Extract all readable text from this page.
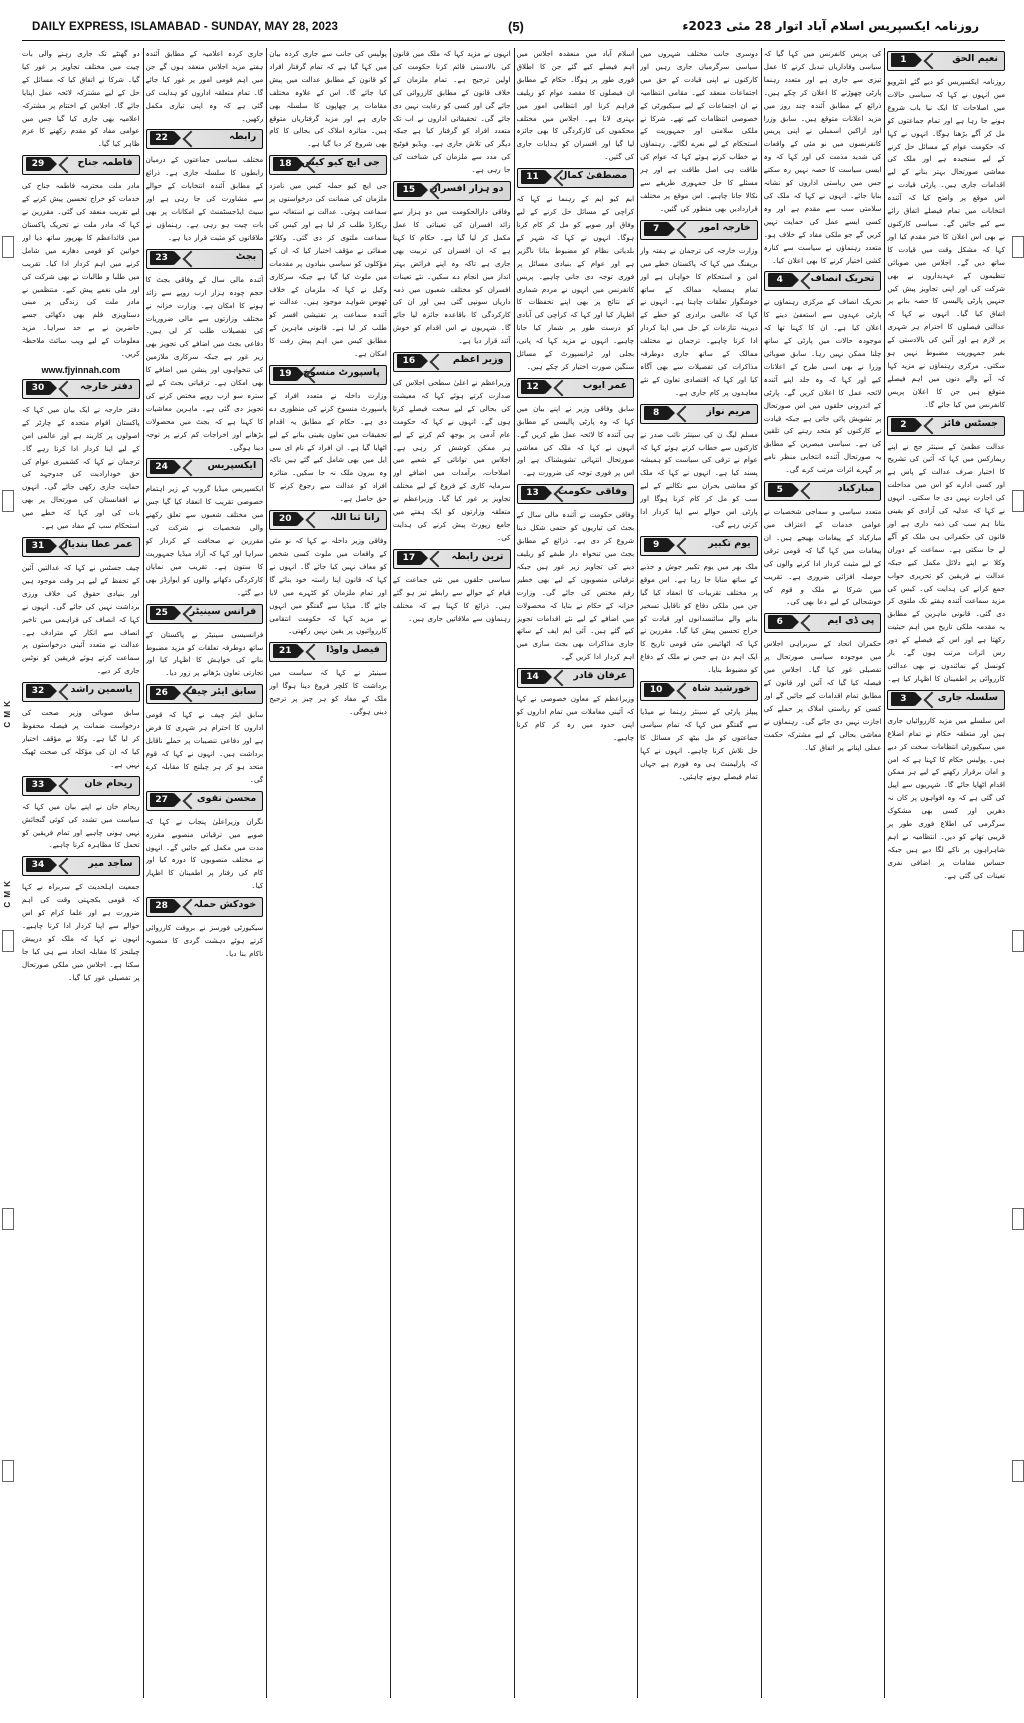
DAILY EXPRESS, ISLAMABAD - SUNDAY, MAY 28, 2023	(5)	روزنامہ ایکسپریس اسلام آباد اتوار 28 مئی 2023ء
نعیم الحق
1

روزنامہ ایکسپریس کو دیے گئے انٹرویو میں انہوں نے کہا کہ سیاسی حالات میں اصلاحات کا ایک نیا باب شروع ہونے جا رہا ہے اور تمام جماعتوں کو مل کر آگے بڑھنا ہوگا۔ انہوں نے کہا کہ حکومت عوام کے مسائل حل کرنے کے لیے سنجیدہ ہے اور ملک کی معاشی صورتحال بہتر بنانے کے لیے اقدامات جاری ہیں۔ پارٹی قیادت نے اس موقع پر واضح کیا کہ آئندہ انتخابات میں تمام فیصلے اتفاق رائے سے کیے جائیں گے۔ سیاسی کارکنوں نے بھی اس اعلان کا خیر مقدم کیا اور کہا کہ مشکل وقت میں قیادت کا ساتھ دیں گے۔ اجلاس میں صوبائی تنظیموں کے عہدیداروں نے بھی شرکت کی اور اپنی تجاویز پیش کیں جنہیں پارٹی پالیسی کا حصہ بنانے پر اتفاق کیا گیا۔ انہوں نے کہا کہ عدالتی فیصلوں کا احترام ہر شہری پر لازم ہے اور آئین کی بالادستی کے بغیر جمہوریت مضبوط نہیں ہو سکتی۔ مرکزی رہنماؤں نے مزید کہا کہ آنے والے دنوں میں اہم فیصلے متوقع ہیں جن کا اعلان پریس کانفرنس میں کیا جائے گا۔

جسٹس فائز
2

عدالت عظمیٰ کے سینئر جج نے اپنے ریمارکس میں کہا کہ آئین کی تشریح کا اختیار صرف عدالت کے پاس ہے اور کسی ادارے کو اس میں مداخلت کی اجازت نہیں دی جا سکتی۔ انہوں نے کہا کہ عدلیہ کی آزادی کو یقینی بنانا ہم سب کی ذمہ داری ہے اور قانون کی حکمرانی ہی ملک کو آگے لے جا سکتی ہے۔ سماعت کے دوران وکلا نے اپنے دلائل مکمل کیے جبکہ عدالت نے فریقین کو تحریری جواب جمع کرانے کی ہدایت کی۔ کیس کی مزید سماعت آئندہ ہفتے تک ملتوی کر دی گئی۔ قانونی ماہرین کے مطابق یہ مقدمہ ملکی تاریخ میں اہم حیثیت رکھتا ہے اور اس کے فیصلے کے دور رس اثرات مرتب ہوں گے۔ بار کونسل کے نمائندوں نے بھی عدالتی کارروائی پر اطمینان کا اظہار کیا ہے۔

سلسلہ جاری
3

اس سلسلے میں مزید کارروائیاں جاری ہیں اور متعلقہ حکام نے تمام اضلاع میں سیکیورٹی انتظامات سخت کر دیے ہیں۔ پولیس حکام کا کہنا ہے کہ امن و امان برقرار رکھنے کے لیے ہر ممکن اقدام اٹھایا جائے گا۔ شہریوں سے اپیل کی گئی ہے کہ وہ افواہوں پر کان نہ دھریں اور کسی بھی مشکوک سرگرمی کی اطلاع فوری طور پر قریبی تھانے کو دیں۔ انتظامیہ نے اہم شاہراہوں پر ناکے لگا دیے ہیں جبکہ حساس مقامات پر اضافی نفری تعینات کی گئی ہے۔

کی پریس کانفرنس میں کہا گیا کہ سیاسی وفاداریاں تبدیل کرنے کا عمل تیزی سے جاری ہے اور متعدد رہنما پارٹی چھوڑنے کا اعلان کر چکے ہیں۔ ذرائع کے مطابق آئندہ چند روز میں مزید اعلانات متوقع ہیں۔ سابق وزرا اور اراکین اسمبلی نے اپنی پریس کانفرنسوں میں نو مئی کے واقعات کی شدید مذمت کی اور کہا کہ وہ ایسی سیاست کا حصہ نہیں رہ سکتے جس میں ریاستی اداروں کو نشانہ بنایا جائے۔ انہوں نے کہا کہ ملک کی سلامتی سب سے مقدم ہے اور وہ کسی ایسے عمل کی حمایت نہیں کریں گے جو ملکی مفاد کے خلاف ہو۔ متعدد رہنماؤں نے سیاست سے کنارہ کشی اختیار کرنے کا بھی اعلان کیا۔

تحریک انصاف
4

تحریک انصاف کے مرکزی رہنماؤں نے پارٹی عہدوں سے استعفیٰ دینے کا اعلان کیا ہے۔ ان کا کہنا تھا کہ موجودہ حالات میں پارٹی کے ساتھ چلنا ممکن نہیں رہا۔ سابق صوبائی وزرا نے بھی اسی طرح کے اعلانات کیے اور کہا کہ وہ جلد اپنے آئندہ لائحہ عمل کا اعلان کریں گے۔ پارٹی کے اندرونی حلقوں میں اس صورتحال پر تشویش پائی جاتی ہے جبکہ قیادت نے کارکنوں کو متحد رہنے کی تلقین کی ہے۔ سیاسی مبصرین کے مطابق یہ صورتحال آئندہ انتخابی منظر نامے پر گہرے اثرات مرتب کرے گی۔

مبارکباد
5

متعدد سیاسی و سماجی شخصیات نے عوامی خدمات کے اعتراف میں مبارکباد کے پیغامات بھیجے ہیں۔ ان پیغامات میں کہا گیا کہ قومی ترقی کے لیے مثبت کردار ادا کرنے والوں کی حوصلہ افزائی ضروری ہے۔ تقریب میں شرکا نے ملک و قوم کی خوشحالی کے لیے دعا بھی کی۔

پی ڈی ایم
6

حکمران اتحاد کے سربراہی اجلاس میں موجودہ سیاسی صورتحال پر تفصیلی غور کیا گیا۔ اجلاس میں فیصلہ کیا گیا کہ آئین اور قانون کے مطابق تمام اقدامات کیے جائیں گے اور کسی کو ریاستی املاک پر حملے کی اجازت نہیں دی جائے گی۔ رہنماؤں نے معاشی بحالی کے لیے مشترکہ حکمت عملی اپنانے پر اتفاق کیا۔

دوسری جانب مختلف شہروں میں سیاسی سرگرمیاں جاری رہیں اور کارکنوں نے اپنی قیادت کے حق میں اجتماعات منعقد کیے۔ مقامی انتظامیہ نے ان اجتماعات کے لیے سیکیورٹی کے خصوصی انتظامات کیے تھے۔ شرکا نے ملکی سلامتی اور جمہوریت کے استحکام کے لیے نعرے لگائے۔ رہنماؤں نے خطاب کرتے ہوئے کہا کہ عوام کی طاقت ہی اصل طاقت ہے اور ہر مسئلے کا حل جمہوری طریقے سے نکالا جانا چاہیے۔ اس موقع پر مختلف قراردادیں بھی منظور کی گئیں۔

خارجہ امور
7

وزارت خارجہ کی ترجمان نے ہفتہ وار بریفنگ میں کہا کہ پاکستان خطے میں امن و استحکام کا خواہاں ہے اور تمام ہمسایہ ممالک کے ساتھ خوشگوار تعلقات چاہتا ہے۔ انہوں نے کہا کہ عالمی برادری کو خطے کے دیرینہ تنازعات کے حل میں اپنا کردار ادا کرنا چاہیے۔ ترجمان نے مختلف ممالک کے ساتھ جاری دوطرفہ مذاکرات کی تفصیلات سے بھی آگاہ کیا اور کہا کہ اقتصادی تعاون کے نئے معاہدوں پر کام جاری ہے۔

مریم نواز
8

مسلم لیگ ن کی سینئر نائب صدر نے کارکنوں سے خطاب کرتے ہوئے کہا کہ عوام نے ترقی کی سیاست کو ہمیشہ پسند کیا ہے۔ انہوں نے کہا کہ ملک کو معاشی بحران سے نکالنے کے لیے سب کو مل کر کام کرنا ہوگا اور پارٹی اس حوالے سے اپنا کردار ادا کرتی رہے گی۔

یوم تکبیر
9

ملک بھر میں یوم تکبیر جوش و جذبے کے ساتھ منایا جا رہا ہے۔ اس موقع پر مختلف تقریبات کا انعقاد کیا گیا جن میں ملکی دفاع کو ناقابل تسخیر بنانے والے سائنسدانوں اور قیادت کو خراج تحسین پیش کیا گیا۔ مقررین نے کہا کہ اٹھائیس مئی قومی تاریخ کا ایک اہم دن ہے جس نے ملک کے دفاع کو مضبوط بنایا۔

خورشید شاہ
10

پیپلز پارٹی کے سینئر رہنما نے میڈیا سے گفتگو میں کہا کہ تمام سیاسی جماعتوں کو مل بیٹھ کر مسائل کا حل تلاش کرنا چاہیے۔ انہوں نے کہا کہ پارلیمنٹ ہی وہ فورم ہے جہاں تمام فیصلے ہونے چاہئیں۔

اسلام آباد میں منعقدہ اجلاس میں اہم فیصلے کیے گئے جن کا اطلاق فوری طور پر ہوگا۔ حکام کے مطابق ان فیصلوں کا مقصد عوام کو ریلیف فراہم کرنا اور انتظامی امور میں بہتری لانا ہے۔ اجلاس میں مختلف محکموں کی کارکردگی کا بھی جائزہ لیا گیا اور افسران کو ہدایات جاری کی گئیں۔

مصطفیٰ کمال
11

ایم کیو ایم کے رہنما نے کہا کہ کراچی کے مسائل حل کرنے کے لیے وفاق اور صوبے کو مل کر کام کرنا ہوگا۔ انہوں نے کہا کہ شہر کے بلدیاتی نظام کو مضبوط بنانا ناگزیر ہے اور عوام کے بنیادی مسائل پر فوری توجہ دی جانی چاہیے۔ پریس کانفرنس میں انہوں نے مردم شماری کے نتائج پر بھی اپنے تحفظات کا اظہار کیا اور کہا کہ کراچی کی آبادی کو درست طور پر شمار کیا جانا چاہیے۔ انہوں نے مزید کہا کہ پانی، بجلی اور ٹرانسپورٹ کے مسائل سنگین صورت اختیار کر چکے ہیں۔

عمر ایوب
12

سابق وفاقی وزیر نے اپنے بیان میں کہا کہ وہ پارٹی پالیسی کے مطابق ہی آئندہ کا لائحہ عمل طے کریں گے۔ انہوں نے کہا کہ ملک کی معاشی صورتحال انتہائی تشویشناک ہے اور اس پر فوری توجہ کی ضرورت ہے۔

وفاقی حکومت
13

وفاقی حکومت نے آئندہ مالی سال کے بجٹ کی تیاریوں کو حتمی شکل دینا شروع کر دی ہے۔ ذرائع کے مطابق بجٹ میں تنخواہ دار طبقے کو ریلیف دینے کی تجاویز زیر غور ہیں جبکہ ترقیاتی منصوبوں کے لیے بھی خطیر رقم مختص کی جائے گی۔ وزارت خزانہ کے حکام نے بتایا کہ محصولات میں اضافے کے لیے نئے اقدامات تجویز کیے گئے ہیں۔ آئی ایم ایف کے ساتھ جاری مذاکرات بھی بجٹ سازی میں اہم کردار ادا کریں گے۔

عرفان قادر
14

وزیراعظم کے معاون خصوصی نے کہا کہ آئینی معاملات میں تمام اداروں کو اپنی حدود میں رہ کر کام کرنا چاہیے۔

انہوں نے مزید کہا کہ ملک میں قانون کی بالادستی قائم کرنا حکومت کی اولین ترجیح ہے۔ تمام ملزمان کے خلاف قانون کے مطابق کارروائی کی جائے گی اور کسی کو رعایت نہیں دی جائے گی۔ تحقیقاتی اداروں نے اب تک متعدد افراد کو گرفتار کیا ہے جبکہ دیگر کی تلاش جاری ہے۔ ویڈیو فوٹیج کی مدد سے ملزمان کی شناخت کی جا رہی ہے۔

دو ہزار افسران
15

وفاقی دارالحکومت میں دو ہزار سے زائد افسران کی تعیناتی کا عمل مکمل کر لیا گیا ہے۔ حکام کا کہنا ہے کہ ان افسران کی تربیت بھی جاری ہے تاکہ وہ اپنے فرائض بہتر انداز میں انجام دے سکیں۔ نئے تعینات افسران کو مختلف شعبوں میں ذمہ داریاں سونپی گئی ہیں اور ان کی کارکردگی کا باقاعدہ جائزہ لیا جائے گا۔ شہریوں نے اس اقدام کو خوش آئند قرار دیا ہے۔

وزیر اعظم
16

وزیراعظم نے اعلیٰ سطحی اجلاس کی صدارت کرتے ہوئے کہا کہ معیشت کی بحالی کے لیے سخت فیصلے کرنا ہوں گے۔ انہوں نے کہا کہ حکومت عام آدمی پر بوجھ کم کرنے کے لیے ہر ممکن کوشش کر رہی ہے۔ اجلاس میں توانائی کے شعبے میں اصلاحات، برآمدات میں اضافے اور سرمایہ کاری کے فروغ کے لیے مختلف تجاویز پر غور کیا گیا۔ وزیراعظم نے متعلقہ وزارتوں کو ایک ہفتے میں جامع رپورٹ پیش کرنے کی ہدایت کی۔

ترین رابطہ
17

سیاسی حلقوں میں نئی جماعت کے قیام کے حوالے سے رابطے تیز ہو گئے ہیں۔ ذرائع کا کہنا ہے کہ مختلف رہنماؤں سے ملاقاتیں جاری ہیں۔

پولیس کی جانب سے جاری کردہ بیان میں کہا گیا ہے کہ تمام گرفتار افراد کو قانون کے مطابق عدالت میں پیش کیا جائے گا۔ اس کے علاوہ مختلف مقامات پر چھاپوں کا سلسلہ بھی جاری ہے اور مزید گرفتاریاں متوقع ہیں۔ متاثرہ املاک کی بحالی کا کام بھی شروع کر دیا گیا ہے۔

جی ایچ کیو کیس
18

جی ایچ کیو حملہ کیس میں نامزد ملزمان کی ضمانت کی درخواستوں پر سماعت ہوئی۔ عدالت نے استغاثہ سے ریکارڈ طلب کر لیا ہے اور کیس کی سماعت ملتوی کر دی گئی۔ وکلائے صفائی نے مؤقف اختیار کیا کہ ان کے مؤکلوں کو سیاسی بنیادوں پر مقدمات میں ملوث کیا گیا ہے جبکہ سرکاری وکیل نے کہا کہ ملزمان کے خلاف ٹھوس شواہد موجود ہیں۔ عدالت نے آئندہ سماعت پر تفتیشی افسر کو طلب کر لیا ہے۔ قانونی ماہرین کے مطابق کیس میں اہم پیش رفت کا امکان ہے۔

پاسپورٹ منسوخ
19

وزارت داخلہ نے متعدد افراد کے پاسپورٹ منسوخ کرنے کی منظوری دے دی ہے۔ حکام کے مطابق یہ اقدام تحقیقات میں تعاون یقینی بنانے کے لیے اٹھایا گیا ہے۔ ان افراد کے نام ای سی ایل میں بھی شامل کیے گئے ہیں تاکہ وہ بیرون ملک نہ جا سکیں۔ متاثرہ افراد کو عدالت سے رجوع کرنے کا حق حاصل ہے۔

رانا ثنا اللہ
20

وفاقی وزیر داخلہ نے کہا کہ نو مئی کے واقعات میں ملوث کسی شخص کو معاف نہیں کیا جائے گا۔ انہوں نے کہا کہ قانون اپنا راستہ خود بنائے گا اور تمام ملزمان کو کٹہرے میں لایا جائے گا۔ میڈیا سے گفتگو میں انہوں نے مزید کہا کہ حکومت انتقامی کارروائیوں پر یقین نہیں رکھتی۔

فیصل واوڈا
21

سینیٹر نے کہا کہ سیاست میں برداشت کا کلچر فروغ دینا ہوگا اور ملک کے مفاد کو ہر چیز پر ترجیح دینی ہوگی۔

جاری کردہ اعلامیہ کے مطابق آئندہ ہفتے مزید اجلاس منعقد ہوں گے جن میں اہم قومی امور پر غور کیا جائے گا۔ تمام متعلقہ اداروں کو ہدایت کی گئی ہے کہ وہ اپنی تیاری مکمل رکھیں۔

رابطہ
22

مختلف سیاسی جماعتوں کے درمیان رابطوں کا سلسلہ جاری ہے۔ ذرائع کے مطابق آئندہ انتخابات کے حوالے سے مشاورت کی جا رہی ہے اور سیٹ ایڈجسٹمنٹ کے امکانات پر بھی بات چیت ہو رہی ہے۔ رہنماؤں نے ملاقاتوں کو مثبت قرار دیا ہے۔

بجٹ
23

آئندہ مالی سال کے وفاقی بجٹ کا حجم چودہ ہزار ارب روپے سے زائد ہونے کا امکان ہے۔ وزارت خزانہ نے مختلف وزارتوں سے مالی ضروریات کی تفصیلات طلب کر لی ہیں۔ دفاعی بجٹ میں اضافے کی تجویز بھی زیر غور ہے جبکہ سرکاری ملازمین کی تنخواہوں اور پنشن میں اضافے کا بھی امکان ہے۔ ترقیاتی بجٹ کے لیے سترہ سو ارب روپے مختص کرنے کی تجویز دی گئی ہے۔ ماہرین معاشیات کا کہنا ہے کہ بجٹ میں محصولات بڑھانے اور اخراجات کم کرنے پر توجہ دینا ہوگی۔

ایکسپریس
24

ایکسپریس میڈیا گروپ کے زیر اہتمام خصوصی تقریب کا انعقاد کیا گیا جس میں مختلف شعبوں سے تعلق رکھنے والی شخصیات نے شرکت کی۔ مقررین نے صحافت کے کردار کو سراہا اور کہا کہ آزاد میڈیا جمہوریت کا ستون ہے۔ تقریب میں نمایاں کارکردگی دکھانے والوں کو ایوارڈز بھی دیے گئے۔

فرانس سینیٹر
25

فرانسیسی سینیٹر نے پاکستان کے ساتھ دوطرفہ تعلقات کو مزید مضبوط بنانے کی خواہش کا اظہار کیا اور تجارتی تعاون بڑھانے پر زور دیا۔

سابق ایئر چیف
26

سابق ایئر چیف نے کہا کہ قومی اداروں کا احترام ہر شہری کا فرض ہے اور دفاعی تنصیبات پر حملے ناقابل برداشت ہیں۔ انہوں نے کہا کہ قوم متحد ہو کر ہر چیلنج کا مقابلہ کرے گی۔

محسن نقوی
27

نگران وزیراعلیٰ پنجاب نے کہا کہ صوبے میں ترقیاتی منصوبے مقررہ مدت میں مکمل کیے جائیں گے۔ انہوں نے مختلف منصوبوں کا دورہ کیا اور کام کی رفتار پر اطمینان کا اظہار کیا۔

خودکش حملہ
28

سیکیورٹی فورسز نے بروقت کارروائی کرتے ہوئے دہشت گردی کا منصوبہ ناکام بنا دیا۔

دو گھنٹے تک جاری رہنے والی بات چیت میں مختلف تجاویز پر غور کیا گیا۔ شرکا نے اتفاق کیا کہ مسائل کے حل کے لیے مشترکہ لائحہ عمل اپنایا جائے گا۔ اجلاس کے اختتام پر مشترکہ اعلامیہ بھی جاری کیا گیا جس میں عوامی مفاد کو مقدم رکھنے کا عزم ظاہر کیا گیا۔

فاطمہ جناح
29

مادر ملت محترمہ فاطمہ جناح کی خدمات کو خراج تحسین پیش کرنے کے لیے تقریب منعقد کی گئی۔ مقررین نے کہا کہ مادر ملت نے تحریک پاکستان میں قائداعظم کا بھرپور ساتھ دیا اور خواتین کو قومی دھارے میں شامل کرنے میں اہم کردار ادا کیا۔ تقریب میں طلبا و طالبات نے بھی شرکت کی اور ملی نغمے پیش کیے۔ منتظمین نے مادر ملت کی زندگی پر مبنی دستاویزی فلم بھی دکھائی جسے حاضرین نے بے حد سراہا۔ مزید معلومات کے لیے ویب سائٹ ملاحظہ کریں۔

www.fjyinnah.com
دفتر خارجہ
30

دفتر خارجہ نے ایک بیان میں کہا کہ پاکستان اقوام متحدہ کے چارٹر کے اصولوں پر کاربند ہے اور عالمی امن کے لیے اپنا کردار ادا کرتا رہے گا۔ ترجمان نے کہا کہ کشمیری عوام کی حق خودارادیت کی جدوجہد کی حمایت جاری رکھی جائے گی۔ انہوں نے افغانستان کی صورتحال پر بھی بات کی اور کہا کہ خطے میں استحکام سب کے مفاد میں ہے۔

عمر عطا بندیال
31

چیف جسٹس نے کہا کہ عدالتیں آئین کے تحفظ کے لیے ہر وقت موجود ہیں اور بنیادی حقوق کی خلاف ورزی برداشت نہیں کی جائے گی۔ انہوں نے کہا کہ انصاف کی فراہمی میں تاخیر انصاف سے انکار کے مترادف ہے۔ عدالت نے متعدد آئینی درخواستوں پر سماعت کرتے ہوئے فریقین کو نوٹس جاری کر دیے۔

یاسمین راشد
32

سابق صوبائی وزیر صحت کی درخواست ضمانت پر فیصلہ محفوظ کر لیا گیا ہے۔ وکلا نے مؤقف اختیار کیا کہ ان کی مؤکلہ کی صحت ٹھیک نہیں ہے۔

ریحام خان
33

ریحام خان نے اپنے بیان میں کہا کہ سیاست میں تشدد کی کوئی گنجائش نہیں ہونی چاہیے اور تمام فریقین کو تحمل کا مظاہرہ کرنا چاہیے۔

ساجد میر
34

جمعیت اہلحدیث کے سربراہ نے کہا کہ قومی یکجہتی وقت کی اہم ضرورت ہے اور علما کرام کو اس حوالے سے اپنا کردار ادا کرنا چاہیے۔ انہوں نے کہا کہ ملک کو درپیش چیلنجز کا مقابلہ اتحاد سے ہی کیا جا سکتا ہے۔ اجلاس میں ملکی صورتحال پر تفصیلی غور کیا گیا۔

C M K
C M K
